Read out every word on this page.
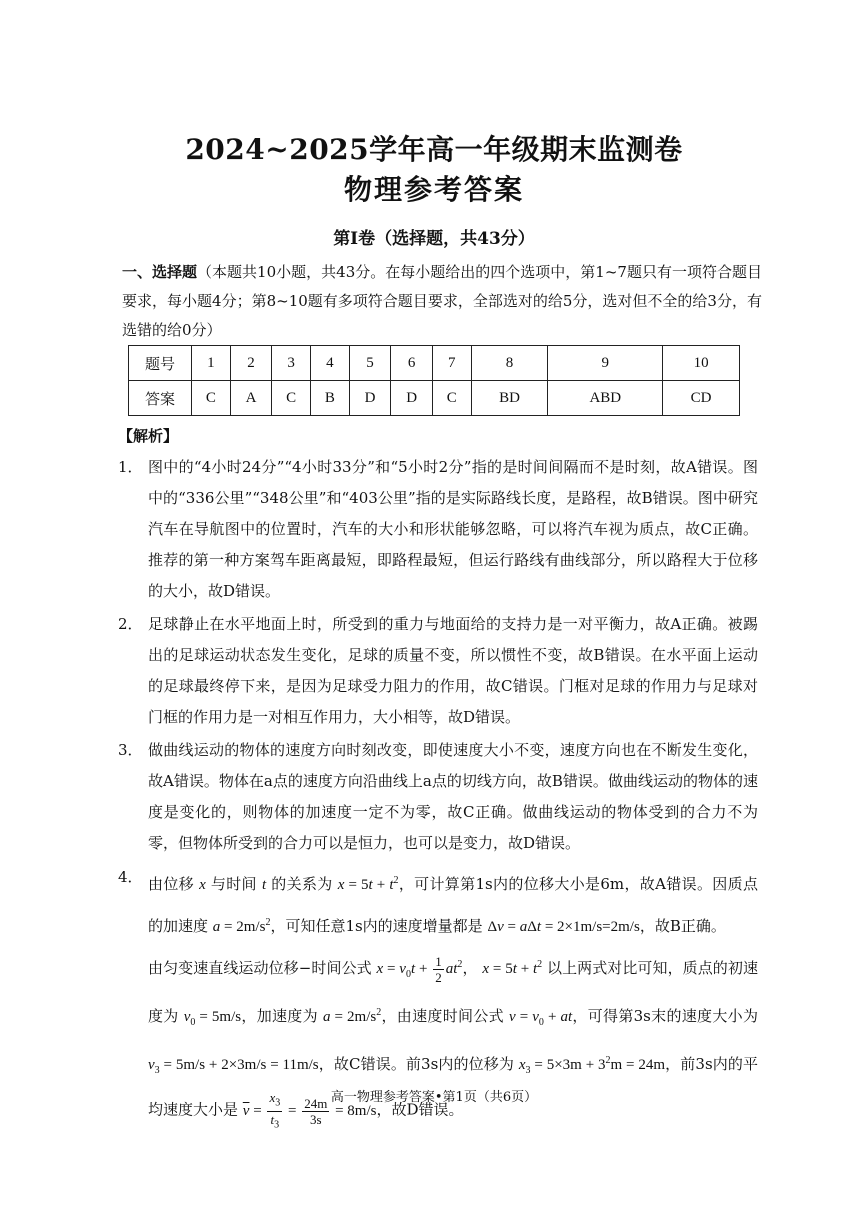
2024~2025学年高一年级期末监测卷
物理参考答案
第Ⅰ卷（选择题，共43分）
一、选择题（本题共10小题，共43分。在每小题给出的四个选项中，第1~7题只有一项符合题目要求，每小题4分；第8~10题有多项符合题目要求，全部选对的给5分，选对但不全的给3分，有选错的给0分）
题号	1	2	3	4	5	6	7	8	9	10
答案	C	A	C	B	D	D	C	BD	ABD	CD
【解析】
1． 图中的“4小时24分”“4小时33分”和“5小时2分”指的是时间间隔而不是时刻，故A错误。图中的“336公里”“348公里”和“403公里”指的是实际路线长度，是路程，故B错误。图中研究汽车在导航图中的位置时，汽车的大小和形状能够忽略，可以将汽车视为质点，故C正确。 推荐的第一种方案驾车距离最短，即路程最短，但运行路线有曲线部分，所以路程大于位移的大小，故D错误。
2． 足球静止在水平地面上时，所受到的重力与地面给的支持力是一对平衡力，故A正确。被踢出的足球运动状态发生变化，足球的质量不变，所以惯性不变，故B错误。在水平面上运动的足球最终停下来，是因为足球受力阻力的作用，故C错误。门框对足球的作用力与足球对门框的作用力是一对相互作用力，大小相等，故D错误。
3． 做曲线运动的物体的速度方向时刻改变，即使速度大小不变，速度方向也在不断发生变化，故A错误。物体在a点的速度方向沿曲线上a点的切线方向，故B错误。做曲线运动的物体的速度是变化的，则物体的加速度一定不为零，故C正确。做曲线运动的物体受到的合力不为零，但物体所受到的合力可以是恒力，也可以是变力，故D错误。
4． 由位移 x 与时间 t 的关系为 $x = 5t + t^2$，可计算第1s内的位移大小是6m，故A错误。因质点的加速度 $a = 2m/s^2$，可知任意1s内的速度增量都是 Δv = aΔt = 2×1m/s=2m/s，故B正确。
由匀变速直线运动位移−时间公式 $x = v_0t + \frac{1}{2} at^2$， $x = 5t + t^2$ 以上两式对比可知，质点的初速度为 $v_0 = 5m/s$，加速度为 $a = 2m/s^2$，由速度时间公式 $v = v_0$ + at，可得第3s末的速度大小为 $v_3 = 5m/s + 2\times 3m/s = 11m/s$，故C错误。前3s内的位移为 $x_3 = 5\times 3m + 3^2m = 24m$，前3s内的平均速度大小是 $\overline{v} = \frac{x_3}{t_3} = \frac{24m}{3s} = 8m/s$，故D错误。
高一物理参考答案•第1页（共6页）
